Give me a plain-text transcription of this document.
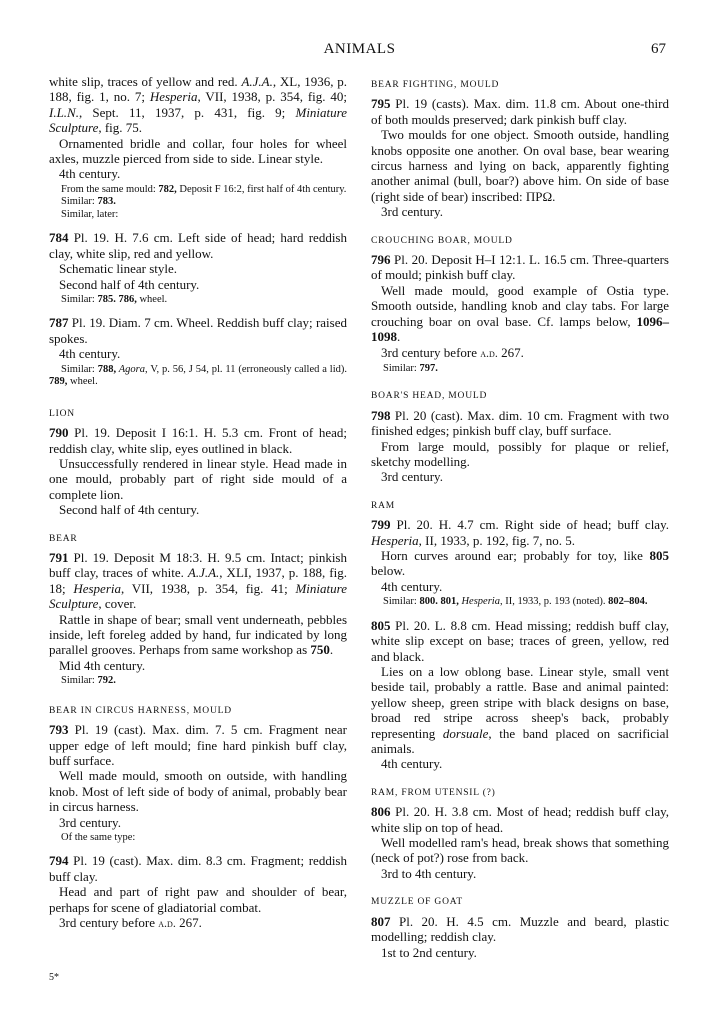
ANIMALS	67

white slip, traces of yellow and red. A.J.A., XL, 1936, p. 188, fig. 1, no. 7; Hesperia, VII, 1938, p. 354, fig. 40; I.L.N., Sept. 11, 1937, p. 431, fig. 9; Miniature Sculpture, fig. 75.

Ornamented bridle and collar, four holes for wheel axles, muzzle pierced from side to side. Linear style.

4th century.

From the same mould: 782, Deposit F 16:2, first half of 4th century.

Similar: 783.

Similar, later:

784 Pl. 19. H. 7.6 cm. Left side of head; hard reddish clay, white slip, red and yellow.

Schematic linear style.

Second half of 4th century.

Similar: 785. 786, wheel.

787 Pl. 19. Diam. 7 cm. Wheel. Reddish buff clay; raised spokes.

4th century.

Similar: 788, Agora, V, p. 56, J 54, pl. 11 (erroneously called a lid). 789, wheel.

LION

790 Pl. 19. Deposit I 16:1. H. 5.3 cm. Front of head; reddish clay, white slip, eyes outlined in black.

Unsuccessfully rendered in linear style. Head made in one mould, probably part of right side mould of a complete lion.

Second half of 4th century.

BEAR

791 Pl. 19. Deposit M 18:3. H. 9.5 cm. Intact; pinkish buff clay, traces of white. A.J.A., XLI, 1937, p. 188, fig. 18; Hesperia, VII, 1938, p. 354, fig. 41; Miniature Sculpture, cover.

Rattle in shape of bear; small vent underneath, pebbles inside, left foreleg added by hand, fur indicated by long parallel grooves. Perhaps from same workshop as 750.

Mid 4th century.

Similar: 792.

BEAR IN CIRCUS HARNESS, MOULD

793 Pl. 19 (cast). Max. dim. 7. 5 cm. Fragment near upper edge of left mould; fine hard pinkish buff clay, buff surface.

Well made mould, smooth on outside, with handling knob. Most of left side of body of animal, probably bear in circus harness.

3rd century.

Of the same type:

794 Pl. 19 (cast). Max. dim. 8.3 cm. Fragment; reddish buff clay.

Head and part of right paw and shoulder of bear, perhaps for scene of gladiatorial combat.

3rd century before a.d. 267.

BEAR FIGHTING, MOULD

795 Pl. 19 (casts). Max. dim. 11.8 cm. About one-third of both moulds preserved; dark pinkish buff clay.

Two moulds for one object. Smooth outside, handling knobs opposite one another. On oval base, bear wearing circus harness and lying on back, apparently fighting another animal (bull, boar?) above him. On side of base (right side of bear) inscribed: ΠΡΩ.

3rd century.

CROUCHING BOAR, MOULD

796 Pl. 20. Deposit H–I 12:1. L. 16.5 cm. Three-quarters of mould; pinkish buff clay.

Well made mould, good example of Ostia type. Smooth outside, handling knob and clay tabs. For large crouching boar on oval base. Cf. lamps below, 1096–1098.

3rd century before a.d. 267.

Similar: 797.

BOAR'S HEAD, MOULD

798 Pl. 20 (cast). Max. dim. 10 cm. Fragment with two finished edges; pinkish buff clay, buff surface.

From large mould, possibly for plaque or relief, sketchy modelling.

3rd century.

RAM

799 Pl. 20. H. 4.7 cm. Right side of head; buff clay. Hesperia, II, 1933, p. 192, fig. 7, no. 5.

Horn curves around ear; probably for toy, like 805 below.

4th century.

Similar: 800. 801, Hesperia, II, 1933, p. 193 (noted). 802–804.

805 Pl. 20. L. 8.8 cm. Head missing; reddish buff clay, white slip except on base; traces of green, yellow, red and black.

Lies on a low oblong base. Linear style, small vent beside tail, probably a rattle. Base and animal painted: yellow sheep, green stripe with black designs on base, broad red stripe across sheep's back, probably representing dorsuale, the band placed on sacrificial animals.

4th century.

RAM, FROM UTENSIL (?)

806 Pl. 20. H. 3.8 cm. Most of head; reddish buff clay, white slip on top of head.

Well modelled ram's head, break shows that something (neck of pot?) rose from back.

3rd to 4th century.

MUZZLE OF GOAT

807 Pl. 20. H. 4.5 cm. Muzzle and beard, plastic modelling; reddish clay.

1st to 2nd century.

5*
